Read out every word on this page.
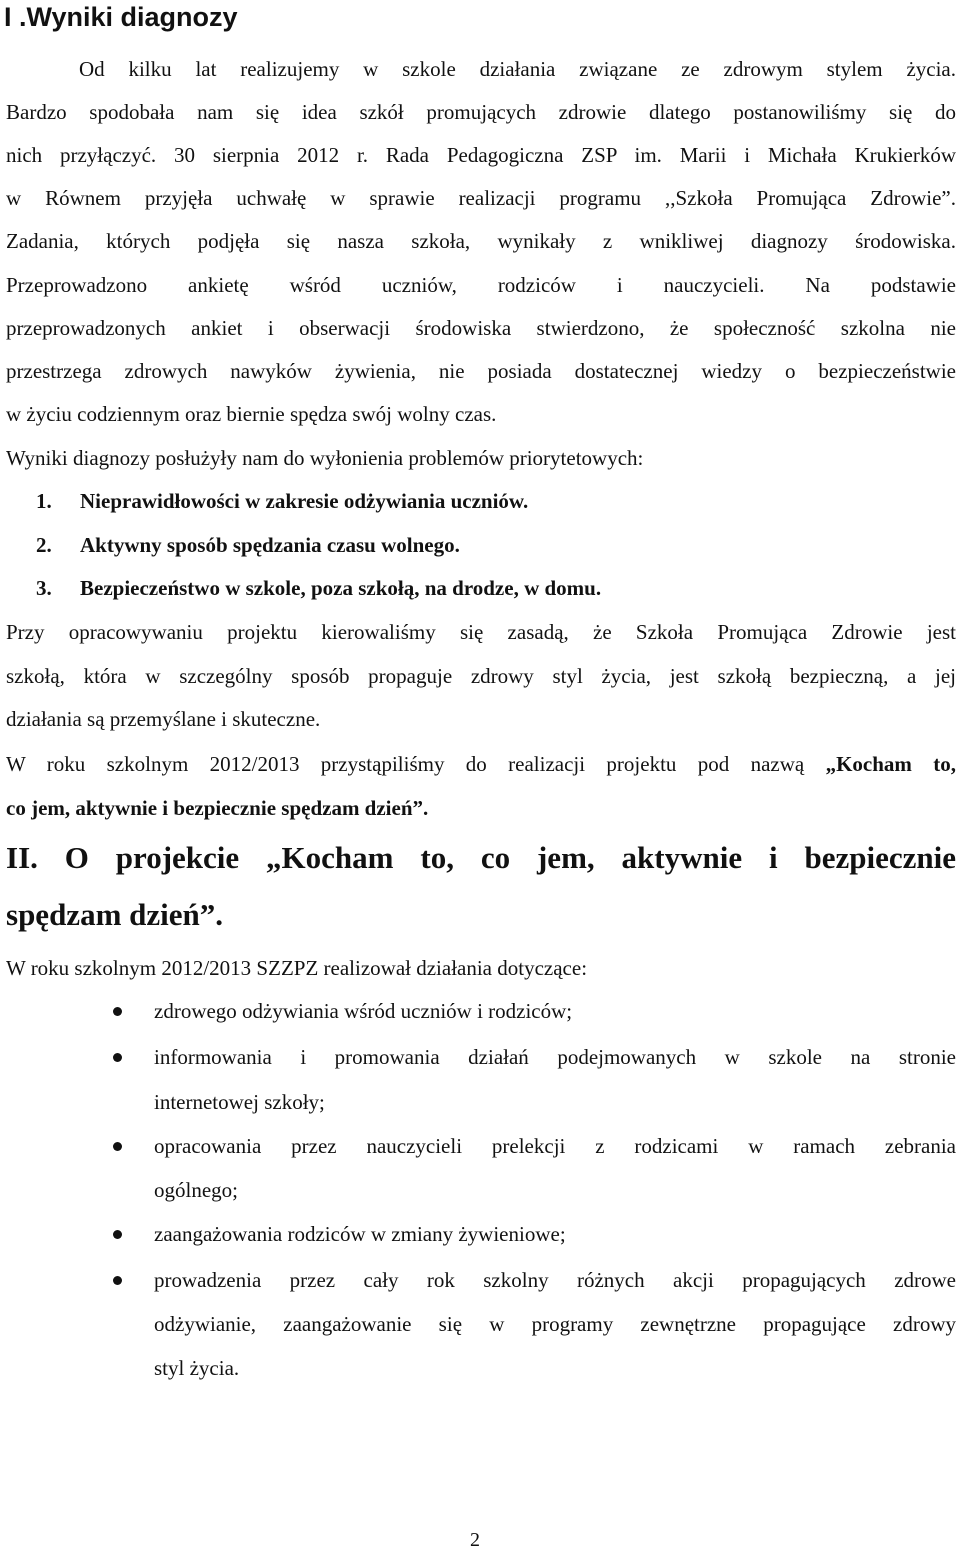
I .Wyniki diagnozy

Od kilku lat realizujemy w szkole działania związane ze zdrowym stylem życia.

Bardzo spodobała nam się idea szkół promujących zdrowie dlatego postanowiliśmy się do

nich przyłączyć. 30 sierpnia 2012 r. Rada Pedagogiczna ZSP im. Marii i Michała Krukierków

w Równem przyjęła uchwałę w sprawie realizacji programu ,,Szkoła Promująca Zdrowie”.

Zadania, których podjęła się nasza szkoła, wynikały z wnikliwej diagnozy środowiska.

Przeprowadzono ankietę wśród uczniów, rodziców i nauczycieli. Na podstawie

przeprowadzonych ankiet i obserwacji środowiska stwierdzono, że społeczność szkolna nie

przestrzega zdrowych nawyków żywienia, nie posiada dostatecznej wiedzy o bezpieczeństwie

w życiu codziennym oraz biernie spędza swój wolny czas.

Wyniki diagnozy posłużyły nam do wyłonienia problemów priorytetowych:

1. Nieprawidłowości w zakresie odżywiania uczniów.

2. Aktywny sposób spędzania czasu wolnego.

3. Bezpieczeństwo w szkole, poza szkołą, na drodze, w domu.

Przy opracowywaniu projektu kierowaliśmy się zasadą, że Szkoła Promująca Zdrowie jest

szkołą, która w szczególny sposób propaguje zdrowy styl życia, jest szkołą bezpieczną, a jej

działania są przemyślane i skuteczne.

W roku szkolnym 2012/2013 przystąpiliśmy do realizacji projektu pod nazwą „Kocham to,

co jem, aktywnie i bezpiecznie spędzam dzień”.

II. O projekcie „Kocham to, co jem, aktywnie i bezpiecznie
spędzam dzień”.

W roku szkolnym 2012/2013 SZZPZ realizował działania dotyczące:

zdrowego odżywiania wśród uczniów i rodziców;

informowania i promowania działań podejmowanych w szkole na stronie

internetowej szkoły;

opracowania przez nauczycieli prelekcji z rodzicami w ramach zebrania

ogólnego;

zaangażowania rodziców w zmiany żywieniowe;

prowadzenia przez cały rok szkolny różnych akcji propagujących zdrowe

odżywianie, zaangażowanie się w programy zewnętrzne propagujące zdrowy

styl życia.

2
